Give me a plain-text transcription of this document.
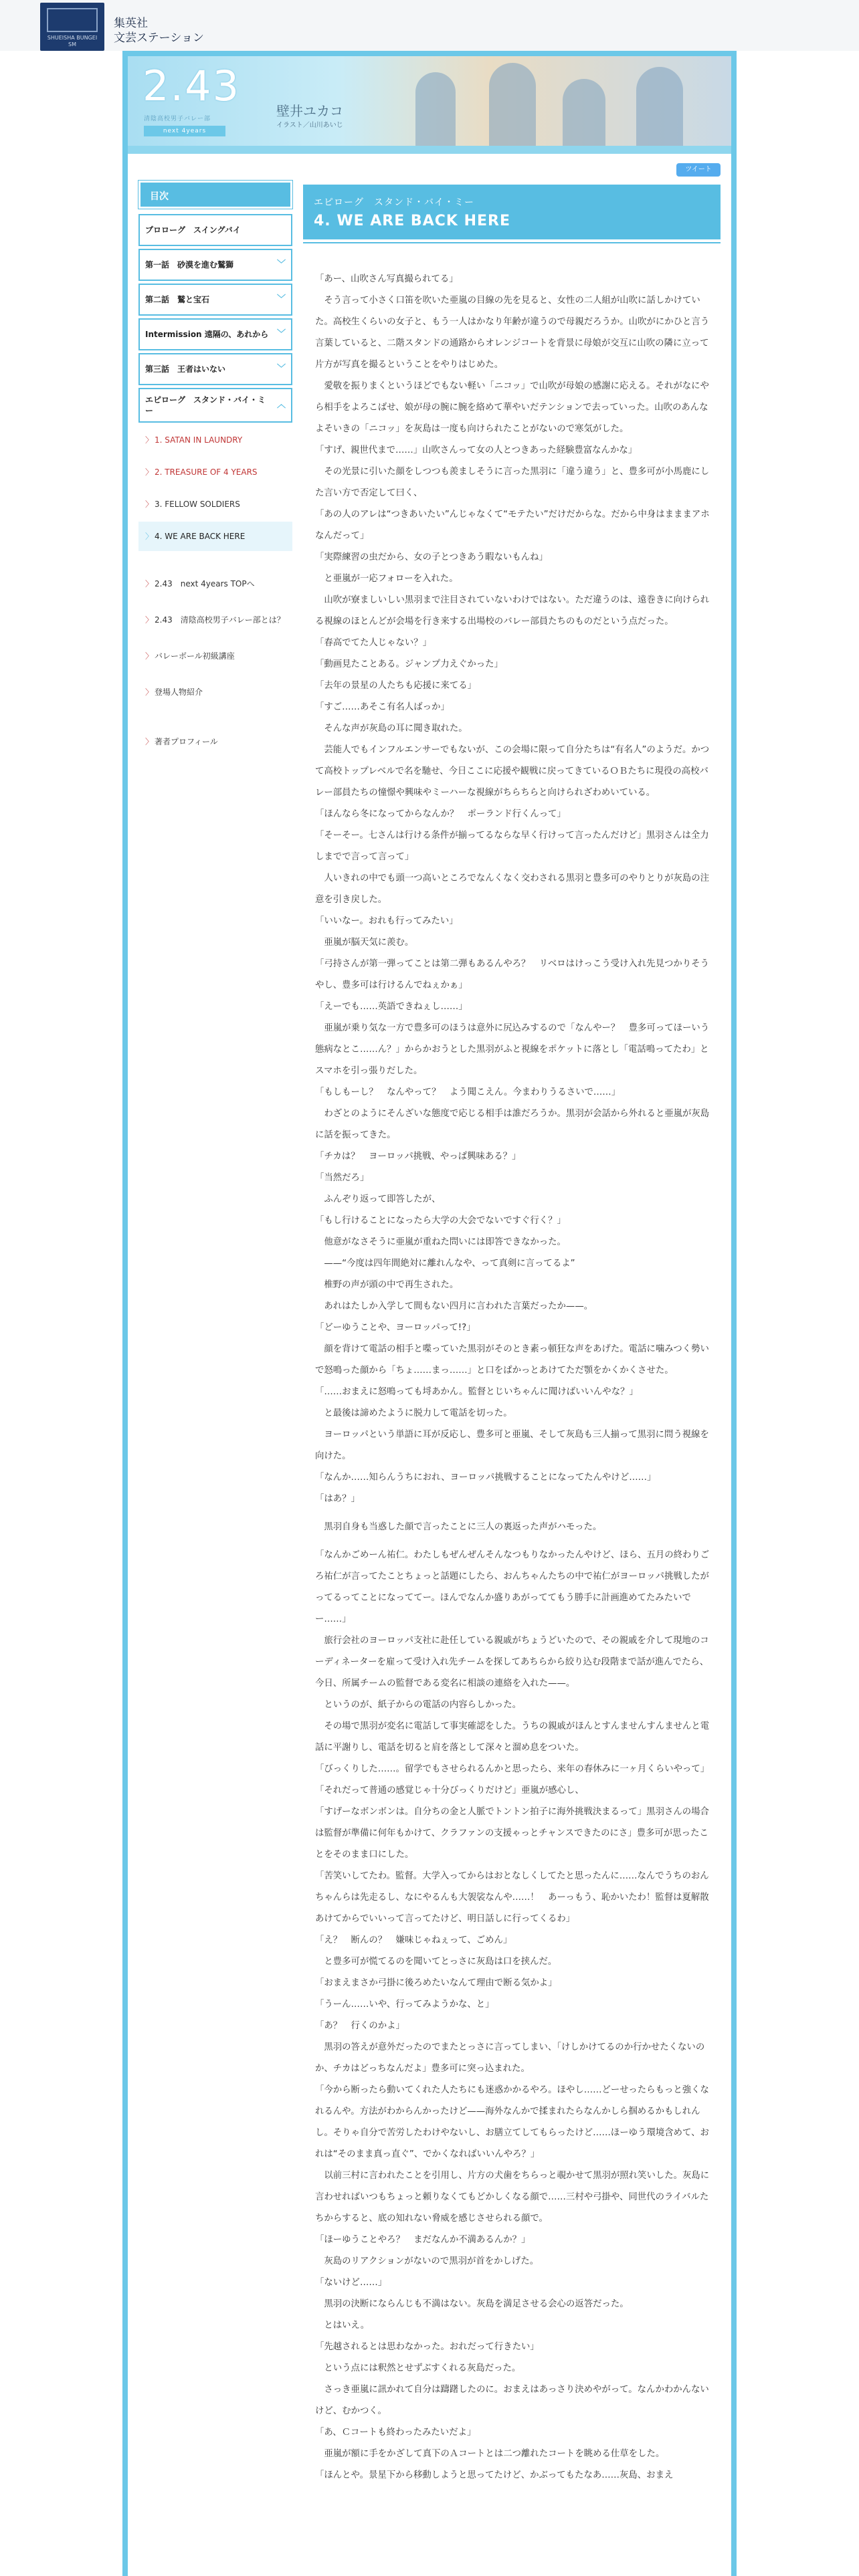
SHUEISHA BUNGEI SM
集英社
文芸ステーション
2.43
清陰高校男子バレー部
next 4years
壁井ユカコ
イラスト／山川あいじ
目次
プロローグ　スイングバイ
第一話　砂漠を進む鷲獅	﹀
第二話　鷲と宝石	﹀
Intermission 遠隔の、あれから ﹀
第三話　王者はいない	﹀
エピローグ　スタンド・バイ・ミー
︿
〉 1. SATAN IN LAUNDRY
〉 2. TREASURE OF 4 YEARS
〉 3. FELLOW SOLDIERS
〉 4. WE ARE BACK HERE
〉 2.43　next 4years TOPへ
〉 2.43　清陰高校男子バレー部とは？
〉 バレーボール初級講座
〉 登場人物紹介
〉 著者プロフィール
ツイート
エピローグ　スタンド・バイ・ミー
4. WE ARE BACK HERE

「あー、山吹さん写真撮られてる」

　そう言って小さく口笛を吹いた亜嵐の目線の先を見ると、女性の二人組が山吹に話しかけていた。高校生くらいの女子と、もう一人はかなり年齢が違うので母親だろうか。山吹がにかひと言う言葉していると、二階スタンドの通路からオレンジコートを背景に母娘が交互に山吹の隣に立って片方が写真を撮るということをやりはじめた。

　愛敬を振りまくというほどでもない軽い「ニコッ」で山吹が母娘の感謝に応える。それがなにやら相手をよろこばせ、娘が母の腕に腕を絡めて華やいだテンションで去っていった。山吹のあんなよそいきの「ニコッ」を灰島は一度も向けられたことがないので寒気がした。

「すげ、親世代まで……」山吹さんって女の人とつきあった経験豊富なんかな」

　その光景に引いた顔をしつつも羨ましそうに言った黒羽に「違う違う」と、豊多可が小馬鹿にした言い方で否定して曰く、

「あの人のアレは“つきあいたい”んじゃなくて“モテたい”だけだからな。だから中身はまままアホなんだって」

「実際練習の虫だから、女の子とつきあう暇ないもんね」

　と亜嵐が一応フォローを入れた。

　山吹が寮ましいしい黒羽まで注目されていないわけではない。ただ違うのは、遠巻きに向けられる視線のほとんどが会場を行き来する出場校のバレー部員たちのものだという点だった。

「春高でてた人じゃない？」

「動画見たことある。ジャンプ力えぐかった」

「去年の景星の人たちも応援に来てる」

「すご……あそこ有名人ばっか」

　そんな声が灰島の耳に聞き取れた。

　芸能人でもインフルエンサーでもないが、この会場に限って自分たちは“有名人”のようだ。かつて高校トップレベルで名を馳せ、今日ここに応援や観戦に戻ってきているＯＢたちに現役の高校バレー部員たちの憧憬や興味やミーハーな視線がちらちらと向けられざわめいている。

「ほんなら冬になってからなんか？　ポーランド行くんって」

「そーそー。七さんは行ける条件が揃ってるならな早く行けって言ったんだけど」黒羽さんは全力しまでで言って言って」

　人いきれの中でも頭一つ高いところでなんくなく交わされる黒羽と豊多可のやりとりが灰島の注意を引き戻した。

「いいなー。おれも行ってみたい」

　亜嵐が脳天気に羨む。

「弓持さんが第一弾ってことは第二弾もあるんやろ？　リベロはけっこう受け入れ先見つかりそうやし、豊多可は行けるんでねぇかぁ」

「えーでも……英語できねぇし……」

　亜嵐が乗り気な一方で豊多可のほうは意外に尻込みするので「なんやー？　豊多可ってほーいう態病なとこ……ん？」からかおうとした黒羽がふと視線をポケットに落とし「電話鳴ってたわ」とスマホを引っ張りだした。

「もしもーし？　なんやって？　よう聞こえん。今まわりうるさいで……」

　わざとのようにそんざいな態度で応じる相手は誰だろうか。黒羽が会話から外れると亜嵐が灰島に話を振ってきた。

「チカは？　ヨーロッパ挑戦、やっぱ興味ある？」

「当然だろ」

　ふんぞり返って即答したが、

「もし行けることになったら大学の大会でないですぐ行く？」

　他意がなさそうに亜嵐が重ねた問いには即答できなかった。

　——“今度は四年間絶対に離れんなや、って真剣に言ってるよ”

　椎野の声が頭の中で再生された。

　あれはたしか入学して間もない四月に言われた言葉だったか——。

「どーゆうことや、ヨーロッパって!?」

　顔を背けて電話の相手と喋っていた黒羽がそのとき素っ頓狂な声をあげた。電話に噛みつく勢いで怒鳴った顔から「ちょ……まっ……」と口をぱかっとあけてただ顎をかくかくさせた。

「……おまえに怒鳴っても埒あかん。監督とじいちゃんに聞けばいいんやな？」

　と最後は諦めたように脱力して電話を切った。

　ヨーロッパという単語に耳が反応し、豊多可と亜嵐、そして灰島も三人揃って黒羽に問う視線を向けた。

「なんか……知らんうちにおれ、ヨーロッパ挑戦することになってたんやけど……」

「はあ？」

　黒羽自身も当惑した顔で言ったことに三人の裏返った声がハモった。

「なんかごめーん祐仁。わたしもぜんぜんそんなつもりなかったんやけど、ほら、五月の終わりごろ祐仁が言ってたことちょっと話題にしたら、おんちゃんたちの中で祐仁がヨーロッパ挑戦したがってるってことになっててー。ほんでなんか盛りあがっててもう勝手に計画進めてたみたいでー……」

　旅行会社のヨーロッパ支社に赴任している親戚がちょうどいたので、その親戚を介して現地のコーディネーターを雇って受け入れ先チームを探してあちらから絞り込む段階まで話が進んでたら、今日、所属チームの監督である変名に相談の連絡を入れた——。

　というのが、紙子からの電話の内容らしかった。

　その場で黒羽が変名に電話して事実確認をした。うちの親戚がほんとすんませんすんませんと電話に平謝りし、電話を切ると肩を落として深々と溜め息をついた。

「びっくりした……。留学でもさせられるんかと思ったら、来年の春休みに一ヶ月くらいやって」

「それだって普通の感覚じゃ十分びっくりだけど」亜嵐が感心し、

「すげーなボンボンは。自分ちの金と人脈でトントン拍子に海外挑戦決まるって」黒羽さんの場合は監督が準備に何年もかけて、クラファンの支援ゃっとチャンスできたのにさ」豊多可が思ったことをそのまま口にした。

「苦笑いしてたわ。監督。大学入ってからはおとなしくしてたと思ったんに……なんでうちのおんちゃんらは先走るし、なにやるんも大袈裟なんや……！　あーっもう、恥かいたわ！監督は夏解散あけてからでいいって言ってたけど、明日話しに行ってくるわ」

「え？　断んの？　嫌味じゃねぇって、ごめん」

　と豊多可が慌てるのを聞いてとっさに灰島は口を挟んだ。

「おまえまさか弓掛に後ろめたいなんて理由で断る気かよ」

「うーん……いや、行ってみようかな、と」

「あ？　行くのかよ」

　黒羽の答えが意外だったのでまたとっさに言ってしまい、「けしかけてるのか行かせたくないのか、チカはどっちなんだよ」豊多可に突っ込まれた。

「今から断ったら動いてくれた人たちにも迷惑かかるやろ。ほやし……どーせったらもっと強くなれるんや。方法がわからんかったけど——海外なんかで揉まれたらなんかしら掴めるかもしれんし。そりゃ自分で苦労したわけやないし、お膳立てしてもらったけど……ほーゆう環境含めて、おれは“そのまま真っ直ぐ”、でかくなればいいんやろ？」

　以前三村に言われたことを引用し、片方の犬歯をちらっと覗かせて黒羽が照れ笑いした。灰島に言わせればいつもちょっと頼りなくてもどかしくなる顔で……三村や弓掛や、同世代のライバルたちからすると、底の知れない脅威を感じさせられる顔で。

「ほーゆうことやろ？　まだなんか不満あるんか？」

　灰島のリアクションがないので黒羽が首をかしげた。

「ないけど……」

　黒羽の決断にならんじも不満はない。灰島を満足させる会心の返答だった。

　とはいえ。

「先越されるとは思わなかった。おれだって行きたい」

　という点には釈然とせずぶすくれる灰島だった。

　さっき亜嵐に訊かれて自分は躊躇したのに。おまえはあっさり決めやがって。なんかわかんないけど、むかつく。

「あ、Ｃコートも終わったみたいだよ」

　亜嵐が額に手をかざして真下のＡコートとは二つ離れたコートを眺める仕草をした。

「ほんとや。景星下から移動しようと思ってたけど、かぶってもたなあ……灰島、おまえ
